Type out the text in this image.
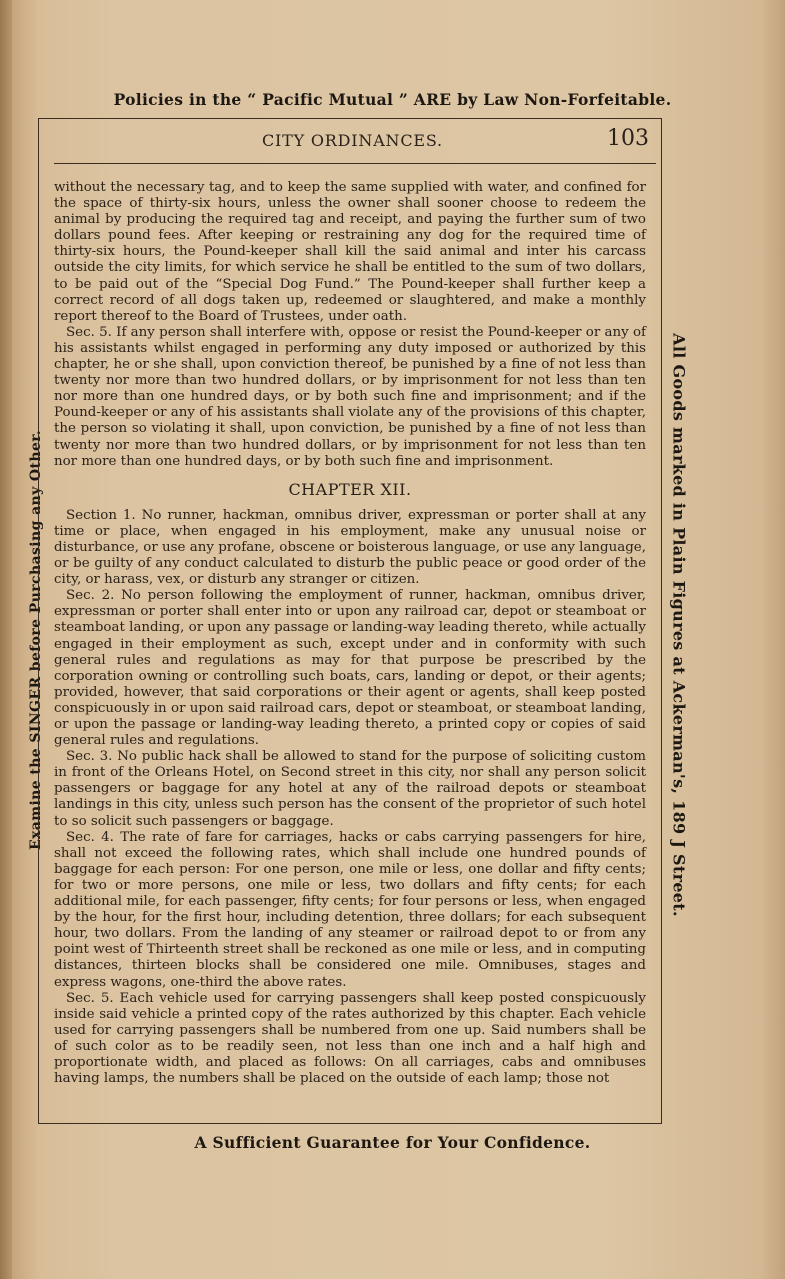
Policies in the “ Pacific Mutual ” ARE by Law Non-Forfeitable.
Examine the SINGER before Purchasing any Other.	All Goods marked in Plain Figures at Ackerman's, 189 J Street.
CITY ORDINANCES.	103

without the necessary tag, and to keep the same supplied with water, and confined for the space of thirty-six hours, unless the owner shall sooner choose to redeem the animal by producing the required tag and receipt, and paying the further sum of two dollars pound fees. After keeping or restraining any dog for the required time of thirty-six hours, the Pound-keeper shall kill the said animal and inter his carcass outside the city limits, for which service he shall be entitled to the sum of two dollars, to be paid out of the “Special Dog Fund.” The Pound-keeper shall further keep a correct record of all dogs taken up, redeemed or slaughtered, and make a monthly report thereof to the Board of Trustees, under oath.

Sec. 5. If any person shall interfere with, oppose or resist the Pound-keeper or any of his assistants whilst engaged in performing any duty imposed or authorized by this chapter, he or she shall, upon conviction thereof, be punished by a fine of not less than twenty nor more than two hundred dollars, or by imprisonment for not less than ten nor more than one hundred days, or by both such fine and imprisonment; and if the Pound-keeper or any of his assistants shall violate any of the provisions of this chapter, the person so violating it shall, upon conviction, be punished by a fine of not less than twenty nor more than two hundred dollars, or by imprisonment for not less than ten nor more than one hundred days, or by both such fine and imprisonment.

CHAPTER XII.

Section 1. No runner, hackman, omnibus driver, expressman or porter shall at any time or place, when engaged in his employment, make any unusual noise or disturbance, or use any profane, obscene or boisterous language, or use any language, or be guilty of any conduct calculated to disturb the public peace or good order of the city, or harass, vex, or disturb any stranger or citizen.

Sec. 2. No person following the employment of runner, hackman, omnibus driver, expressman or porter shall enter into or upon any railroad car, depot or steamboat or steamboat landing, or upon any passage or landing-way leading thereto, while actually engaged in their employment as such, except under and in conformity with such general rules and regulations as may for that purpose be prescribed by the corporation owning or controlling such boats, cars, landing or depot, or their agents; provided, however, that said corporations or their agent or agents, shall keep posted conspicuously in or upon said railroad cars, depot or steamboat, or steamboat landing, or upon the passage or landing-way leading thereto, a printed copy or copies of said general rules and regulations.

Sec. 3. No public hack shall be allowed to stand for the purpose of soliciting custom in front of the Orleans Hotel, on Second street in this city, nor shall any person solicit passengers or baggage for any hotel at any of the railroad depots or steamboat landings in this city, unless such person has the consent of the proprietor of such hotel to so solicit such passengers or baggage.

Sec. 4. The rate of fare for carriages, hacks or cabs carrying passengers for hire, shall not exceed the following rates, which shall include one hundred pounds of baggage for each person: For one person, one mile or less, one dollar and fifty cents; for two or more persons, one mile or less, two dollars and fifty cents; for each additional mile, for each passenger, fifty cents; for four persons or less, when engaged by the hour, for the first hour, including detention, three dollars; for each subsequent hour, two dollars. From the landing of any steamer or railroad depot to or from any point west of Thirteenth street shall be reckoned as one mile or less, and in computing distances, thirteen blocks shall be considered one mile. Omnibuses, stages and express wagons, one-third the above rates.

Sec. 5. Each vehicle used for carrying passengers shall keep posted conspicuously inside said vehicle a printed copy of the rates authorized by this chapter. Each vehicle used for carrying passengers shall be numbered from one up. Said numbers shall be of such color as to be readily seen, not less than one inch and a half high and proportionate width, and placed as follows: On all carriages, cabs and omnibuses having lamps, the numbers shall be placed on the outside of each lamp; those not

A Sufficient Guarantee for Your Confidence.
